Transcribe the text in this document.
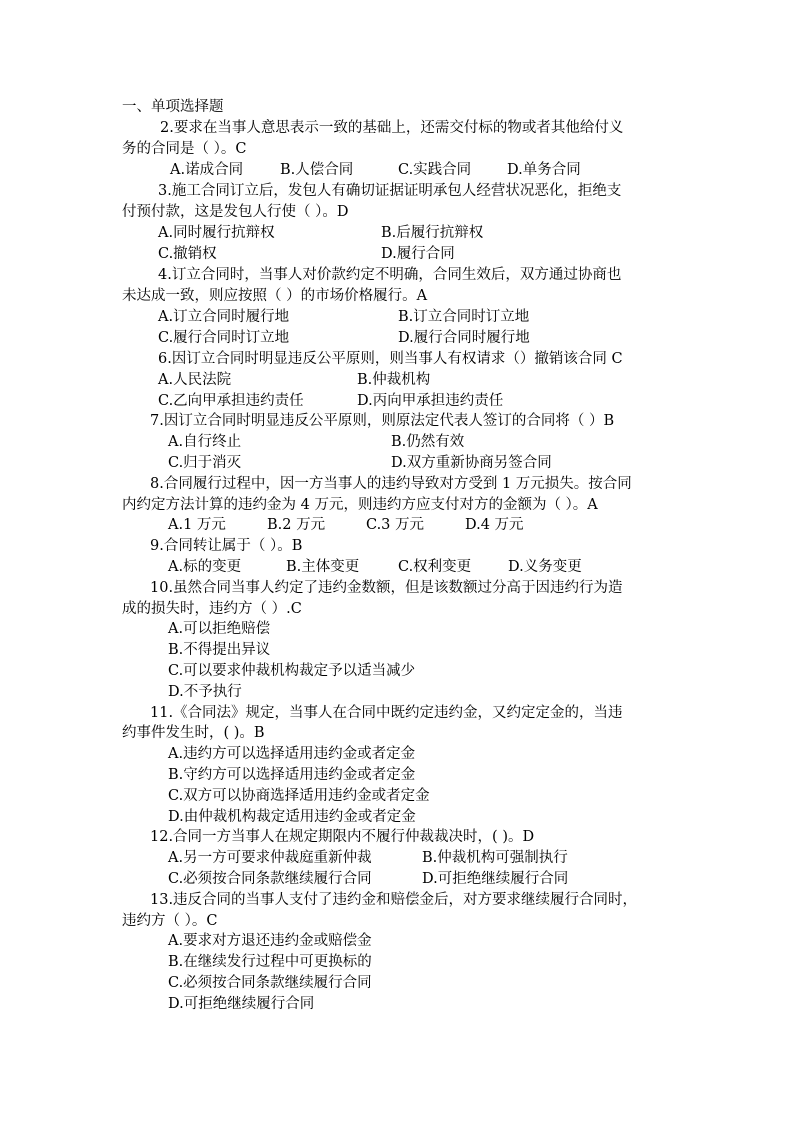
一、单项选择题
2.要求在当事人意思表示一致的基础上，还需交付标的物或者其他给付义
务的合同是（ ）。C
A.诺成合同	B.人偿合同	C.实践合同 D.单务合同
3.施工合同订立后，发包人有确切证据证明承包人经营状况恶化，拒绝支
付预付款，这是发包人行使（ ）。D
A.同时履行抗辩权	B.后履行抗辩权
C.撤销权	D.履行合同
4.订立合同时，当事人对价款约定不明确，合同生效后，双方通过协商也
未达成一致，则应按照（ ）的市场价格履行。A
A.订立合同时履行地	B.订立合同时订立地
C.履行合同时订立地	D.履行合同时履行地
6.因订立合同时明显违反公平原则，则当事人有权请求（）撤销该合同 C
A.人民法院	B.仲裁机构
C.乙向甲承担违约责任	D.丙向甲承担违约责任
7.因订立合同时明显违反公平原则，则原法定代表人签订的合同将（ ）B
A.自行终止	B.仍然有效
C.归于消灭	D.双方重新协商另签合同
8.合同履行过程中，因一方当事人的违约导致对方受到 1 万元损失。按合同
内约定方法计算的违约金为 4 万元，则违约方应支付对方的金额为（ ）。A
A.1 万元	B.2 万元	C.3 万元	D.4 万元
9.合同转让属于（ ）。B
A.标的变更	B.主体变更	C.权利变更	D.义务变更
10.虽然合同当事人约定了违约金数额，但是该数额过分高于因违约行为造
成的损失时，违约方（ ）.C
A.可以拒绝赔偿
B.不得提出异议
C.可以要求仲裁机构裁定予以适当减少
D.不予执行
11.《合同法》规定，当事人在合同中既约定违约金，又约定定金的，当违
约事件发生时，( )。B
A.违约方可以选择适用违约金或者定金
B.守约方可以选择适用违约金或者定金
C.双方可以协商选择适用违约金或者定金
D.由仲裁机构裁定适用违约金或者定金
12.合同一方当事人在规定期限内不履行仲裁裁决时，( )。D
A.另一方可要求仲裁庭重新仲裁	B.仲裁机构可强制执行
C.必须按合同条款继续履行合同	D.可拒绝继续履行合同
13.违反合同的当事人支付了违约金和赔偿金后，对方要求继续履行合同时，
违约方（ ）。C
A.要求对方退还违约金或赔偿金
B.在继续发行过程中可更换标的
C.必须按合同条款继续履行合同
D.可拒绝继续履行合同
